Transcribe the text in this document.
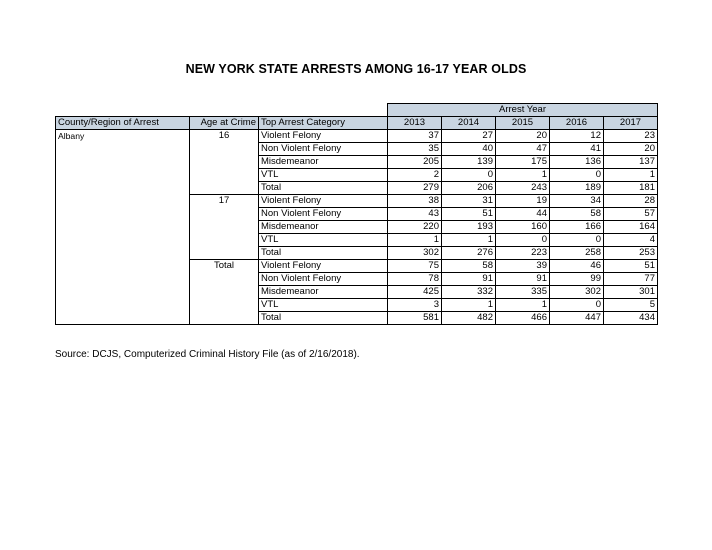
NEW YORK STATE ARRESTS AMONG 16-17 YEAR OLDS
			Arrest Year				
County/Region of Arrest	Age at Crime	Top Arrest Category	2013	2014	2015	2016	2017
Albany	16	Violent Felony	37	27	20	12	23
		Non Violent Felony	35	40	47	41	20
		Misdemeanor	205	139	175	136	137
		VTL	2	0	1	0	1
		Total	279	206	243	189	181
	17	Violent Felony	38	31	19	34	28
		Non Violent Felony	43	51	44	58	57
		Misdemeanor	220	193	160	166	164
		VTL	1	1	0	0	4
		Total	302	276	223	258	253
	Total	Violent Felony	75	58	39	46	51
		Non Violent Felony	78	91	91	99	77
		Misdemeanor	425	332	335	302	301
		VTL	3	1	1	0	5
		Total	581	482	466	447	434
Source: DCJS, Computerized Criminal History File (as of 2/16/2018).
